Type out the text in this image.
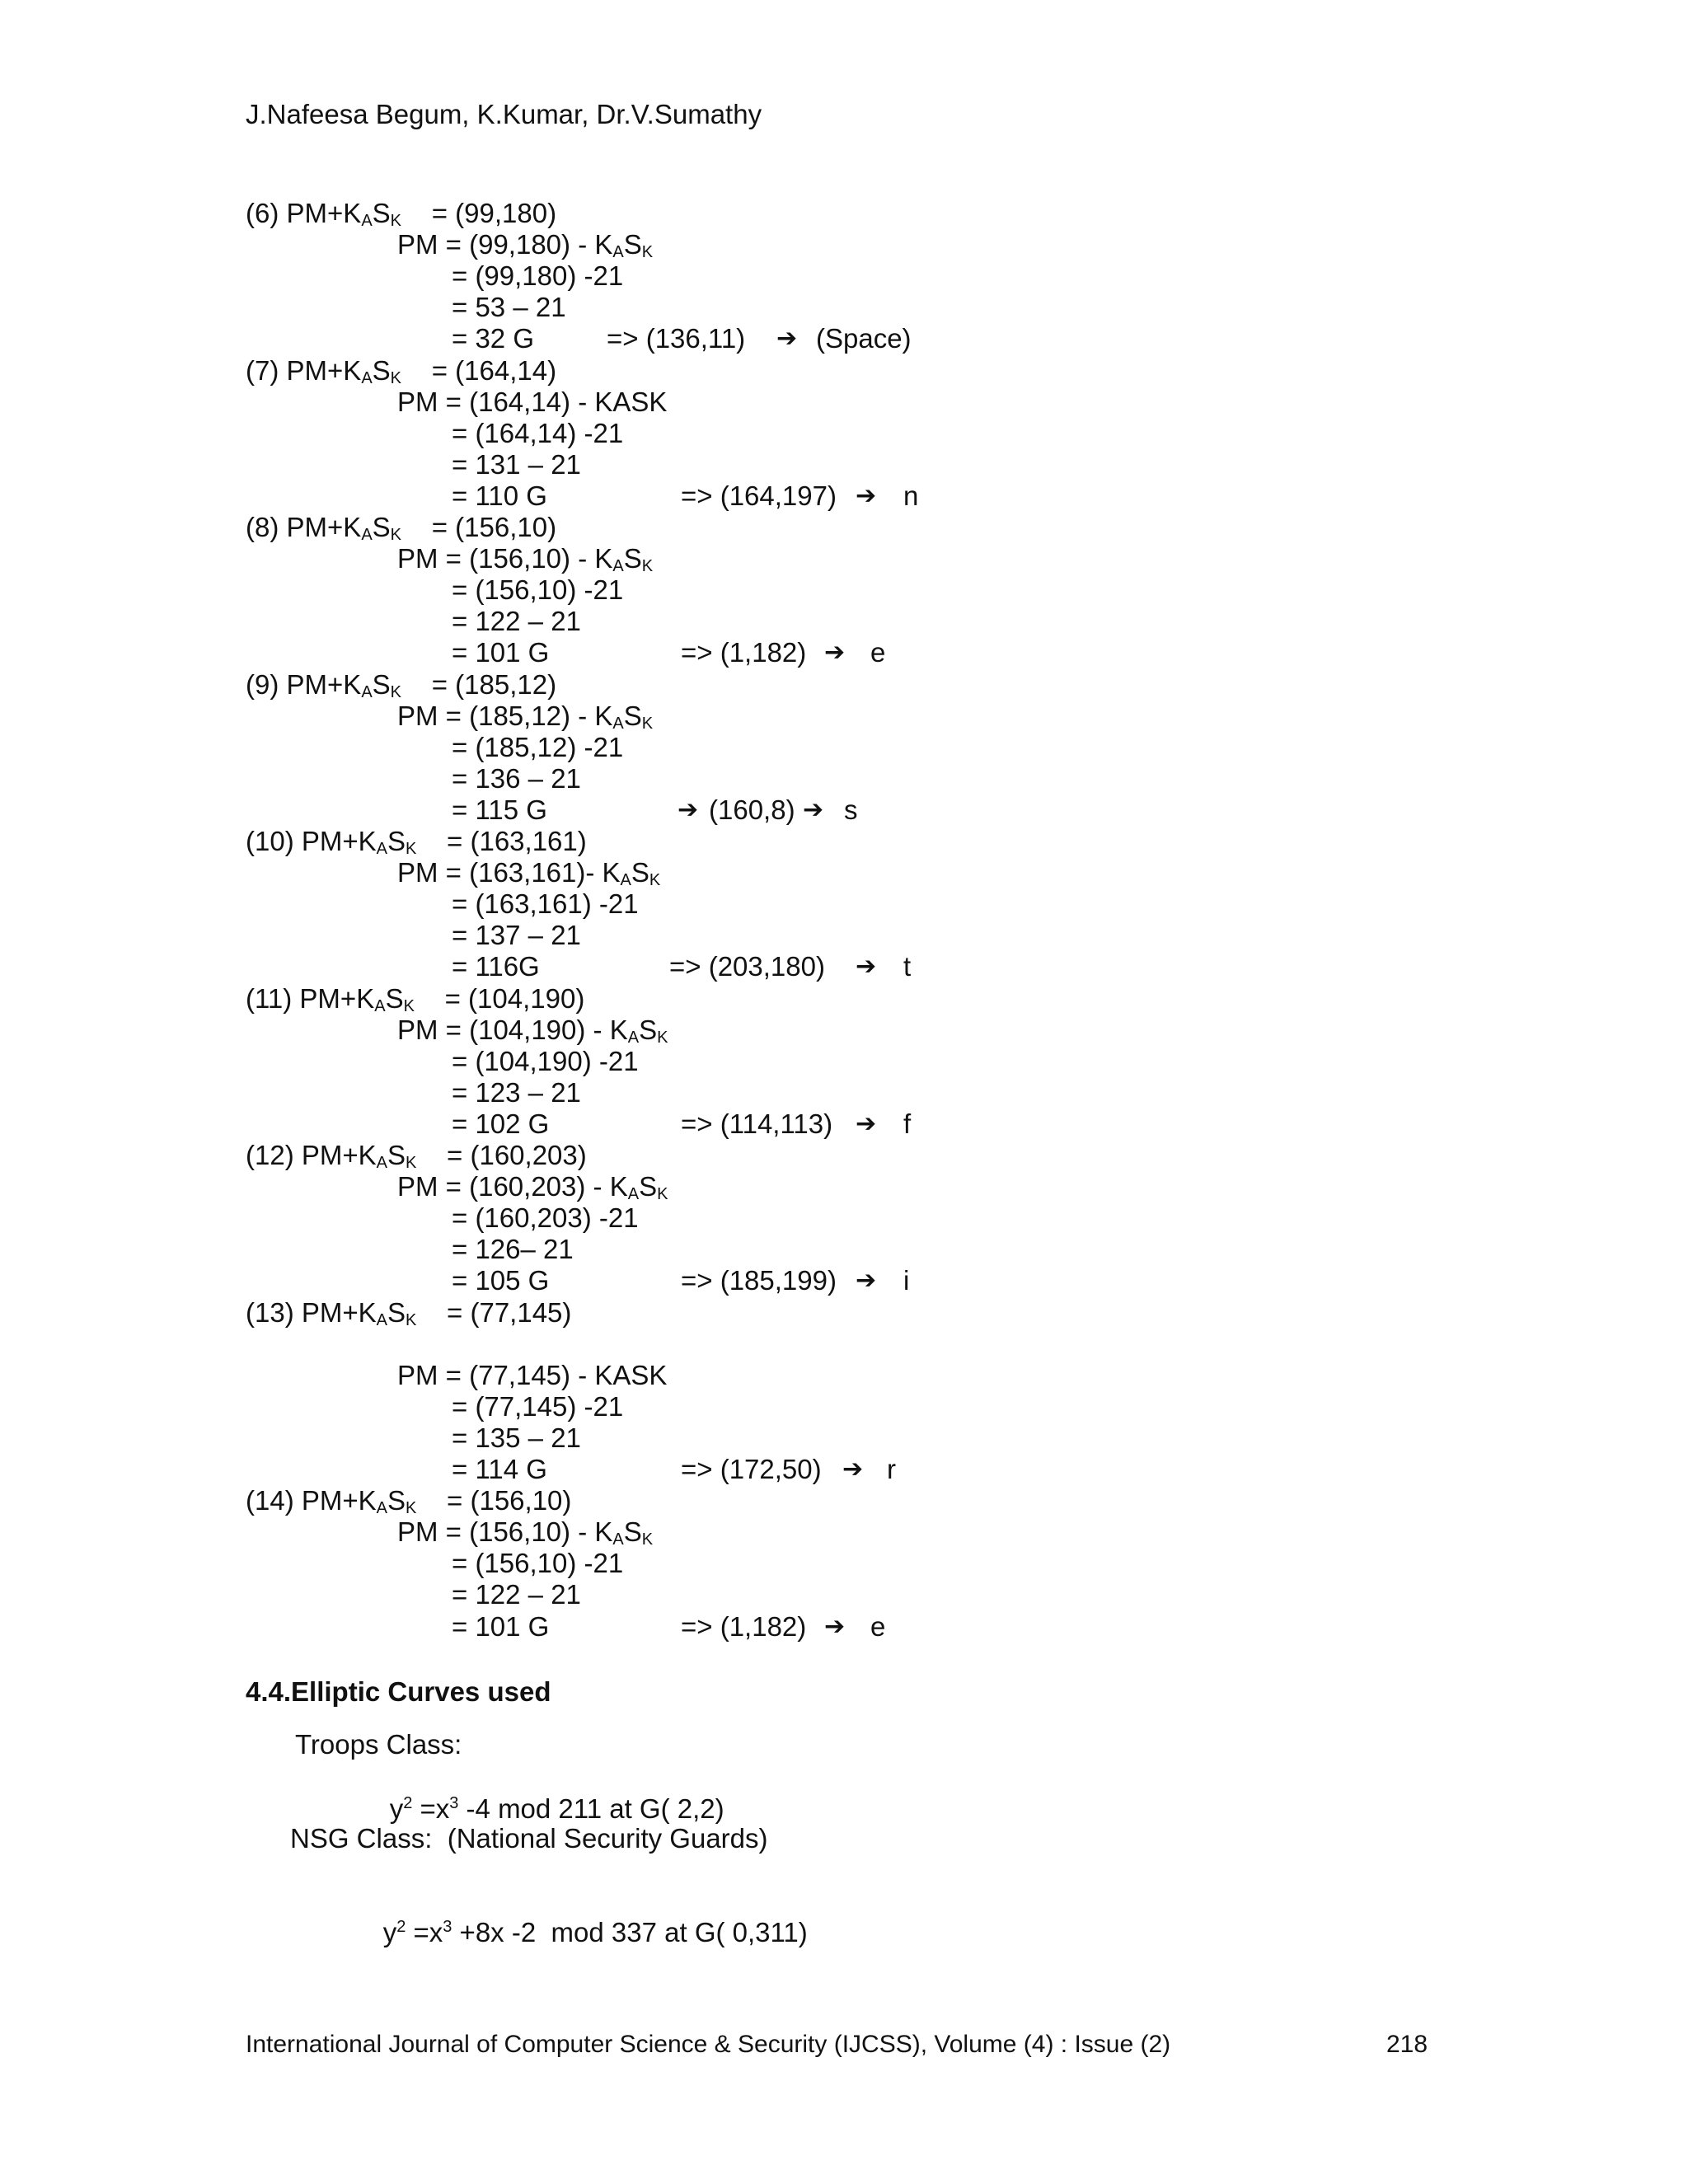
J.Nafeesa Begum, K.Kumar, Dr.V.Sumathy
(6) $PM+K_AS_K = (99,180)$
PM = $(99,180) - K_AS_K$
= (99,180) -21
= 53 – 21
= 32 G	=> (136,11) ➔ (Space)
(7) $PM+K_AS_K = (164,14)$
PM = (164,14) - KASK
= (164,14) -21
= 131 – 21
= 110 G	=> (164,197) ➔ n
(8) $PM+K_AS_K = (156,10)$
PM = $(156,10) - K_AS_K$
= (156,10) -21
= 122 – 21
= 101 G	=> (1,182) ➔ e
(9) $PM+K_AS_K = (185,12)$
PM = $(185,12) - K_AS_K$
= (185,12) -21
= 136 – 21
= 115 G	➔ (160,8) ➔ s
(10) $PM+K_AS_K = (163,161)$
PM = (163,161)- $K_AS_K$
= (163,161) -21
= 137 – 21
= 116G	=> (203,180) ➔ t
(11) $PM+K_AS_K = (104,190)$
PM = $(104,190) - K_AS_K$
= (104,190) -21
= 123 – 21
= 102 G	=> (114,113) ➔ f
(12) $PM+K_AS_K = (160,203)$
PM = $(160,203) - K_AS_K$
= (160,203) -21
= 126– 21
= 105 G	=> (185,199) ➔ i
(13) $PM+K_AS_K = (77,145)$
PM = (77,145) - KASK
= (77,145) -21
= 135 – 21
= 114 G	=> (172,50) ➔ r
(14) $PM+K_AS_K = (156,10)$
PM = $(156,10) - K_AS_K$
= (156,10) -21
= 122 – 21
= 101 G	=> (1,182) ➔ e
4.4.Elliptic Curves used
Troops Class:

$y^2 =x^3$ -4 mod 211 at G( 2,2)

NSG Class:  (National Security Guards)

$y^2 =x^3 +8x$ -2  mod 337 at G( 0,311)

International Journal of Computer Science & Security (IJCSS), Volume (4) : Issue (2)	218
